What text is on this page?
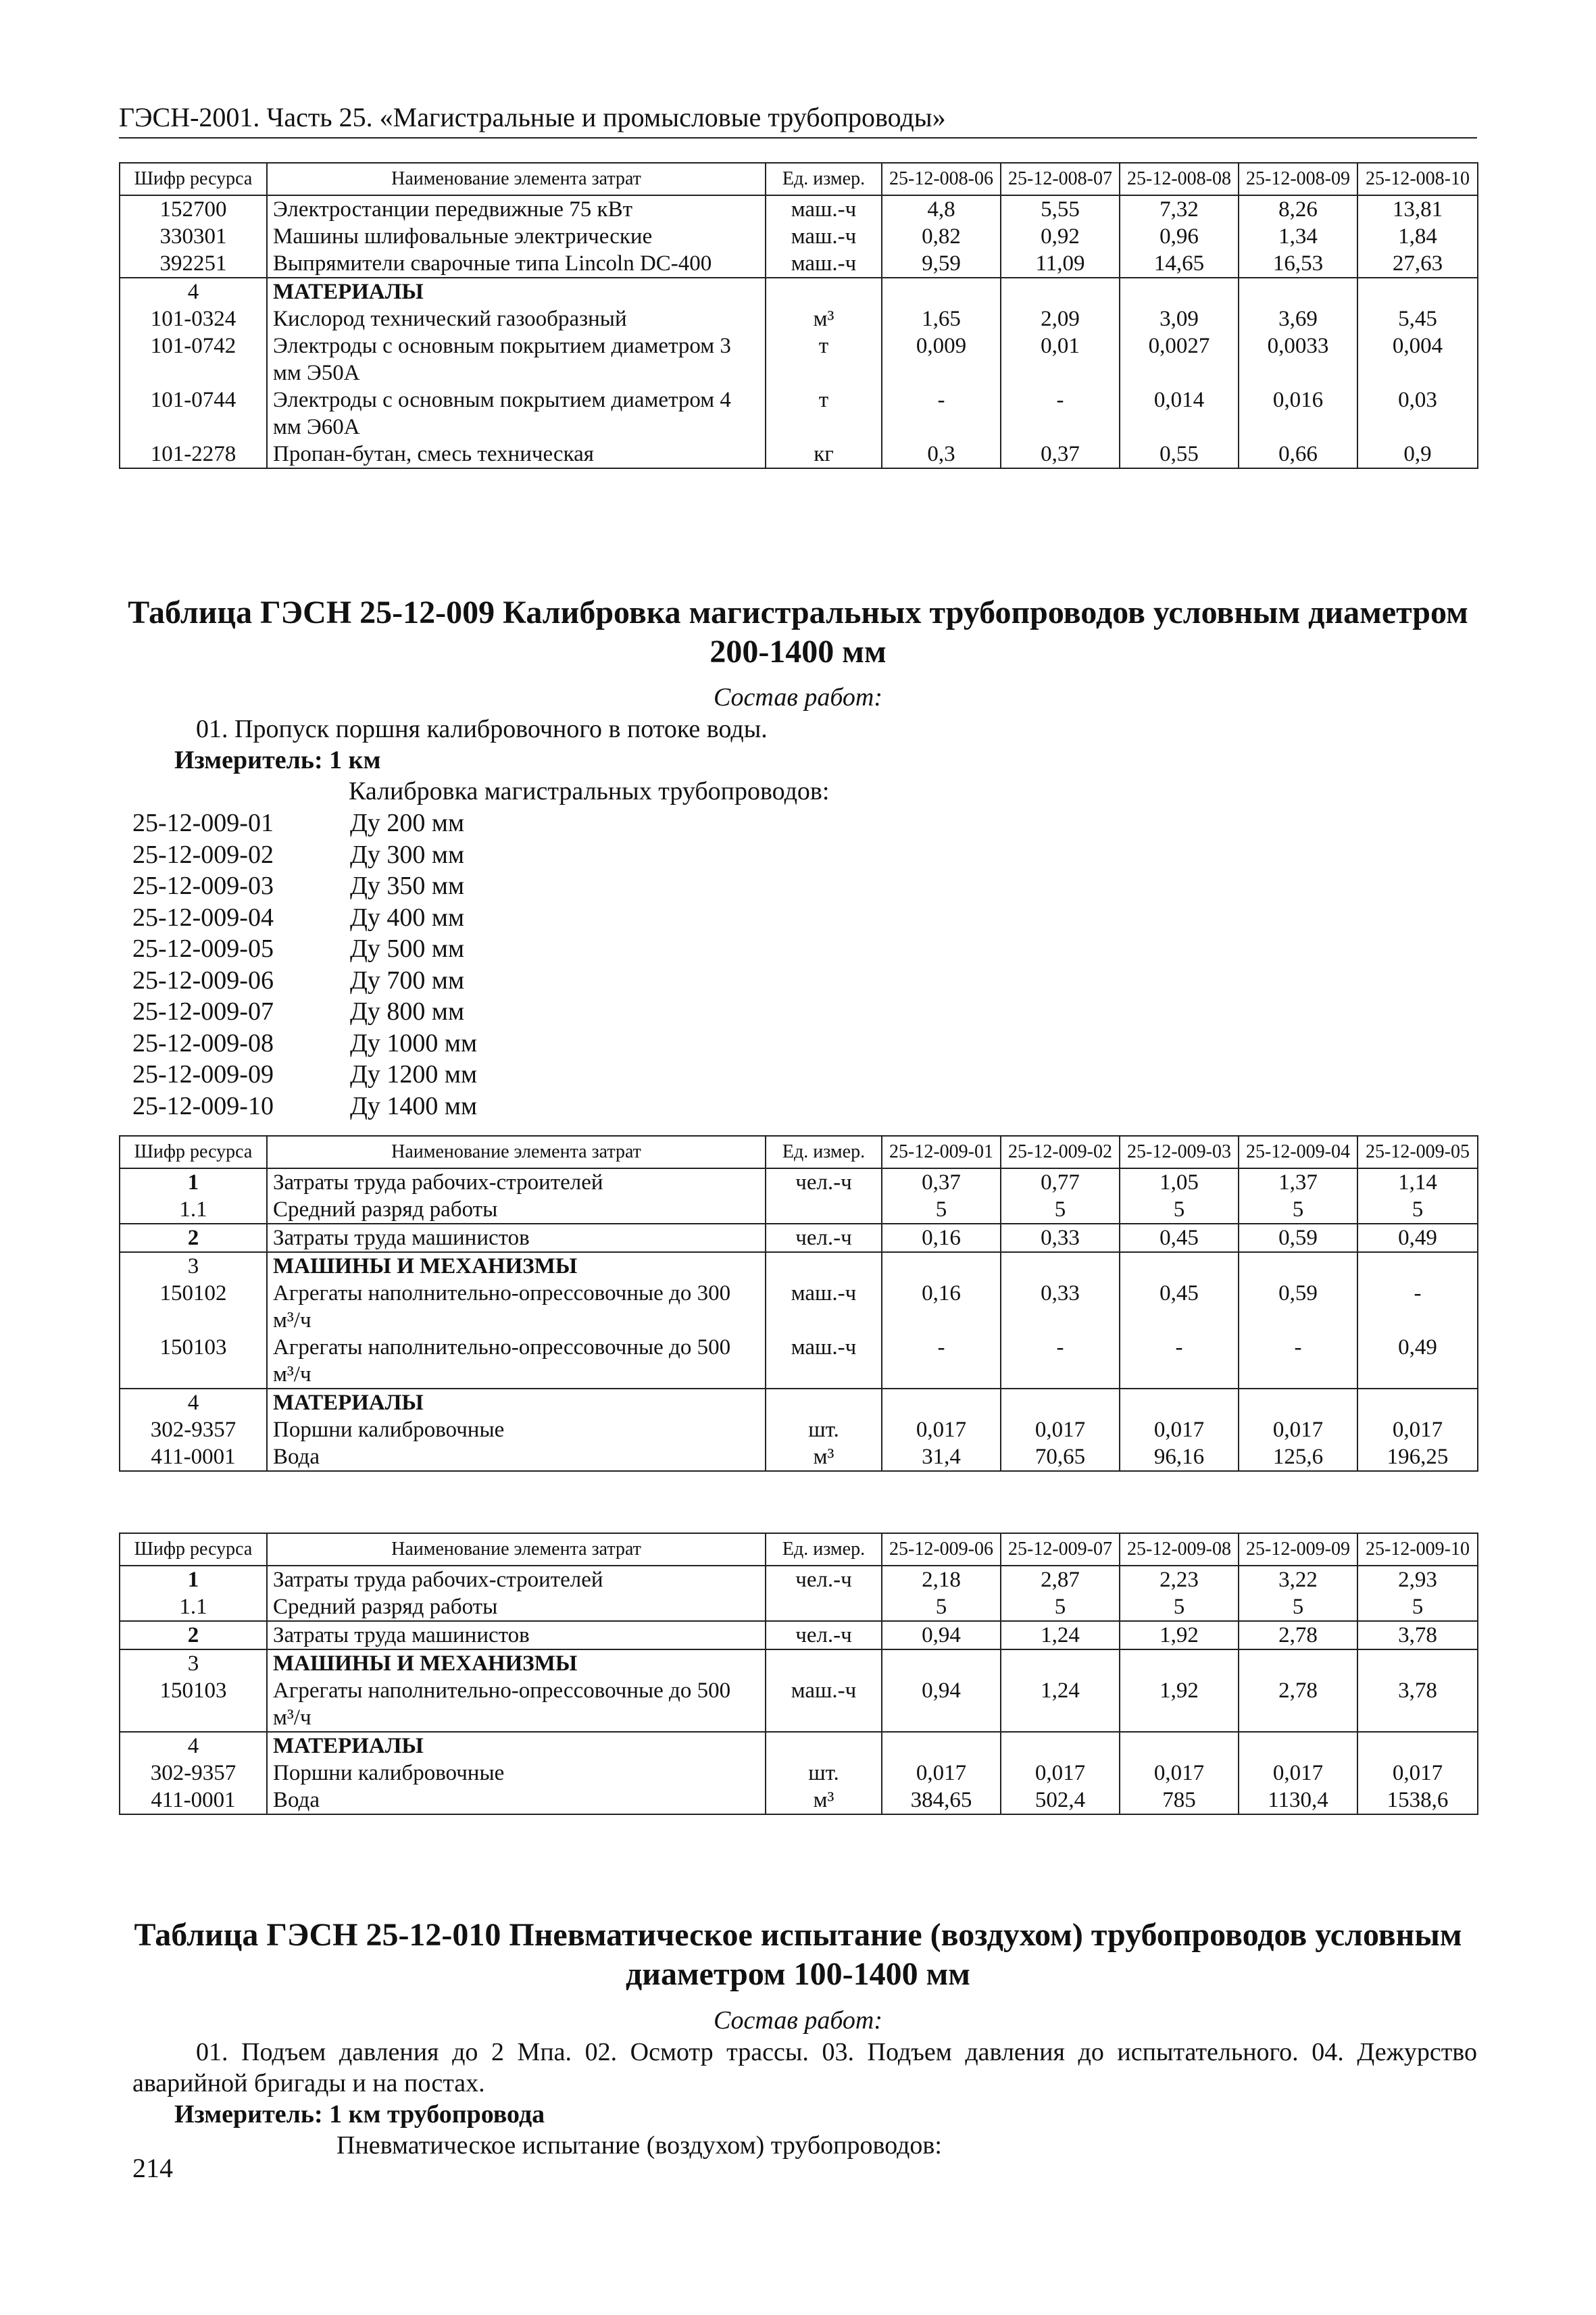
ГЭСН-2001. Часть 25. «Магистральные и промысловые трубопроводы»
Шифр ресурса	Наименование элемента затрат	Ед. измер.	25-12-008-06	25-12-008-07	25-12-008-08	25-12-008-09	25-12-008-10
152700	Электростанции передвижные 75 кВт	маш.-ч	4,8	5,55	7,32	8,26	13,81
330301	Машины шлифовальные электрические	маш.-ч	0,82	0,92	0,96	1,34	1,84
392251	Выпрямители сварочные типа Lincoln DC-400	маш.-ч	9,59	11,09	14,65	16,53	27,63
4	МАТЕРИАЛЫ						
101-0324	Кислород технический газообразный	м³	1,65	2,09	3,09	3,69	5,45
101-0742	Электроды с основным покрытием диаметром 3 мм Э50А	т	0,009	0,01	0,0027	0,0033	0,004
101-0744	Электроды с основным покрытием диаметром 4 мм Э60А	т	-	-	0,014	0,016	0,03
101-2278	Пропан-бутан, смесь техническая	кг	0,3	0,37	0,55	0,66	0,9
Таблица ГЭСН 25-12-009 Калибровка магистральных трубопроводов условным диаметром 200-1400 мм
Состав работ:
01. Пропуск поршня калибровочного в потоке воды.
Измеритель: 1 км
Калибровка магистральных трубопроводов:
25-12-009-01	Ду 200 мм
25-12-009-02	Ду 300 мм
25-12-009-03	Ду 350 мм
25-12-009-04	Ду 400 мм
25-12-009-05	Ду 500 мм
25-12-009-06	Ду 700 мм
25-12-009-07	Ду 800 мм
25-12-009-08	Ду 1000 мм
25-12-009-09	Ду 1200 мм
25-12-009-10	Ду 1400 мм
Шифр ресурса	Наименование элемента затрат	Ед. измер.	25-12-009-01	25-12-009-02	25-12-009-03	25-12-009-04	25-12-009-05
1	Затраты труда рабочих-строителей	чел.-ч	0,37	0,77	1,05	1,37	1,14
1.1	Средний разряд работы		5	5	5	5	5
2	Затраты труда машинистов	чел.-ч	0,16	0,33	0,45	0,59	0,49
3	МАШИНЫ И МЕХАНИЗМЫ						
150102	Агрегаты наполнительно-опрессовочные до 300 м³/ч	маш.-ч	0,16	0,33	0,45	0,59	-
150103	Агрегаты наполнительно-опрессовочные до 500 м³/ч	маш.-ч	-	-	-	-	0,49
4	МАТЕРИАЛЫ						
302-9357	Поршни калибровочные	шт.	0,017	0,017	0,017	0,017	0,017
411-0001	Вода	м³	31,4	70,65	96,16	125,6	196,25
Шифр ресурса	Наименование элемента затрат	Ед. измер.	25-12-009-06	25-12-009-07	25-12-009-08	25-12-009-09	25-12-009-10
1	Затраты труда рабочих-строителей	чел.-ч	2,18	2,87	2,23	3,22	2,93
1.1	Средний разряд работы		5	5	5	5	5
2	Затраты труда машинистов	чел.-ч	0,94	1,24	1,92	2,78	3,78
3	МАШИНЫ И МЕХАНИЗМЫ						
150103	Агрегаты наполнительно-опрессовочные до 500 м³/ч	маш.-ч	0,94	1,24	1,92	2,78	3,78
4	МАТЕРИАЛЫ						
302-9357	Поршни калибровочные	шт.	0,017	0,017	0,017	0,017	0,017
411-0001	Вода	м³	384,65	502,4	785	1130,4	1538,6
Таблица ГЭСН 25-12-010 Пневматическое испытание (воздухом) трубопроводов условным диаметром 100-1400 мм
Состав работ:
01. Подъем давления до 2 Мпа. 02. Осмотр трассы. 03. Подъем давления до испытательного. 04. Дежурство аварийной бригады и на постах.
Измеритель: 1 км трубопровода
Пневматическое испытание (воздухом) трубопроводов:
214
